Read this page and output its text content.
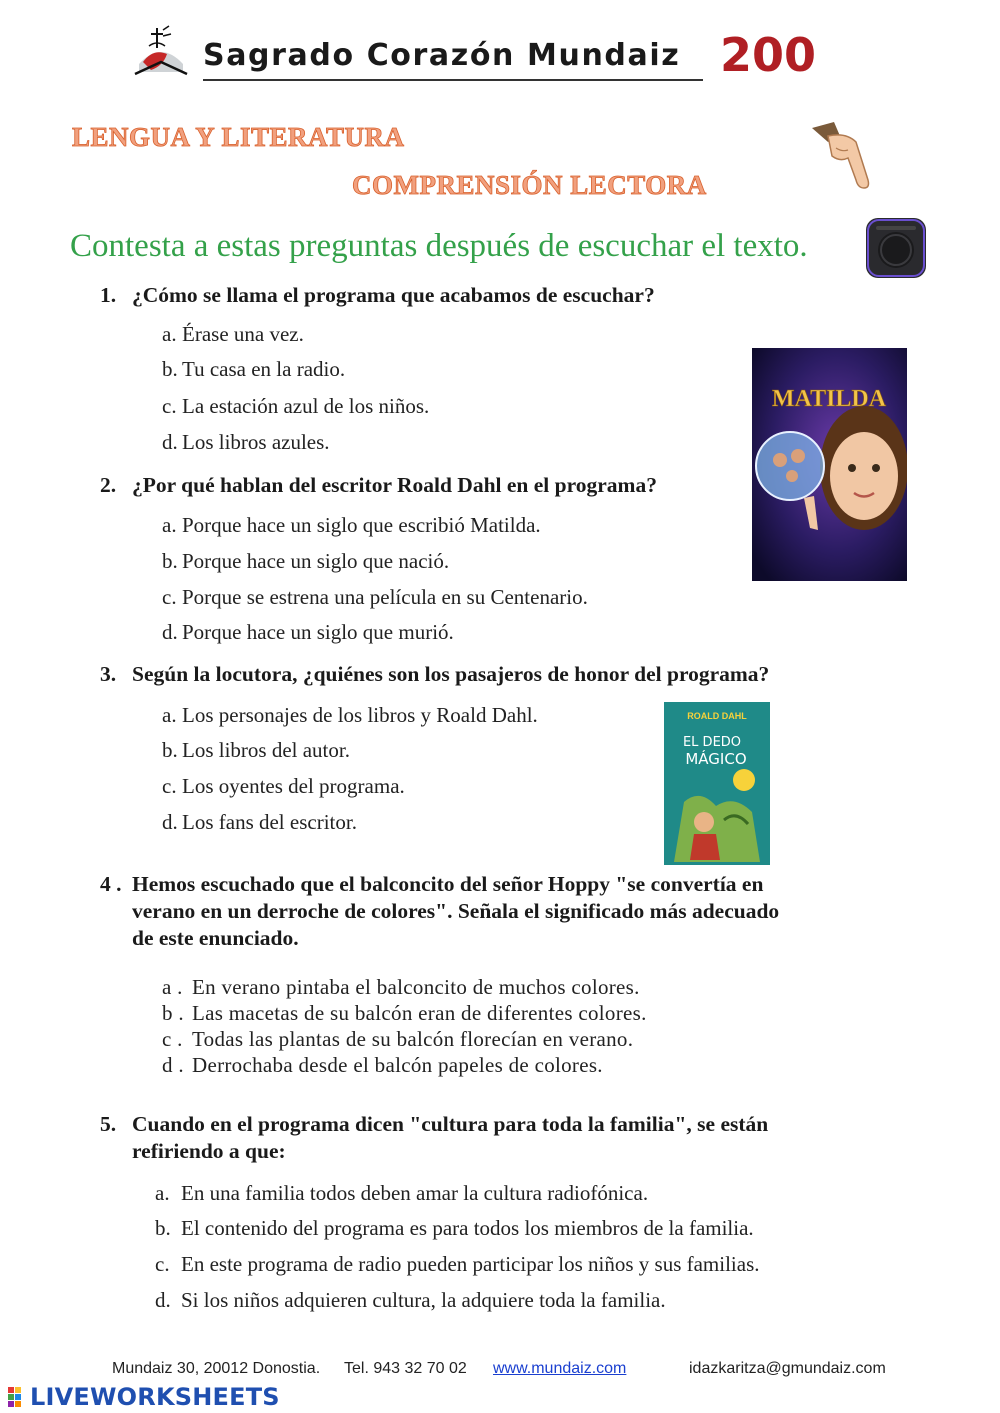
Sagrado Corazón Mundaiz 200
LENGUA Y LITERATURA
COMPRENSIÓN LECTORA
Contesta a estas preguntas después de escuchar el texto.
1. ¿Cómo se llama el programa que acabamos de escuchar?
a. Érase una vez.
b. Tu casa en la radio.
c. La estación azul de los niños.
d. Los libros azules.
2. ¿Por qué hablan del escritor Roald Dahl en el programa?
a. Porque hace un siglo que escribió Matilda.
b. Porque hace un siglo que nació.
c. Porque se estrena una película en su Centenario.
d. Porque hace un siglo que murió.
MATILDA
3. Según la locutora, ¿quiénes son los pasajeros de honor del programa?
a. Los personajes de los libros y Roald Dahl.
b. Los libros del autor.
c. Los oyentes del programa.
d. Los fans del escritor.
ROALD DAHL
EL DEDO
MÁGICO
4 . Hemos escuchado que el balconcito del señor Hoppy "se convertía en
verano en un derroche de colores". Señala el significado más adecuado
de este enunciado.
a . En verano pintaba el balconcito de muchos colores.
b . Las macetas de su balcón eran de diferentes colores.
c . Todas las plantas de su balcón florecían en verano.
d . Derrochaba desde el balcón papeles de colores.
5. Cuando en el programa dicen "cultura para toda la familia", se están
refiriendo a que:
a. En una familia todos deben amar la cultura radiofónica.
b. El contenido del programa es para todos los miembros de la familia.
c. En este programa de radio pueden participar los niños y sus familias.
d. Si los niños adquieren cultura, la adquiere toda la familia.
Mundaiz 30, 20012 Donostia. Tel. 943 32 70 02 www.mundaiz.com	idazkaritza@gmundaiz.com
LIVEWORKSHEETS
